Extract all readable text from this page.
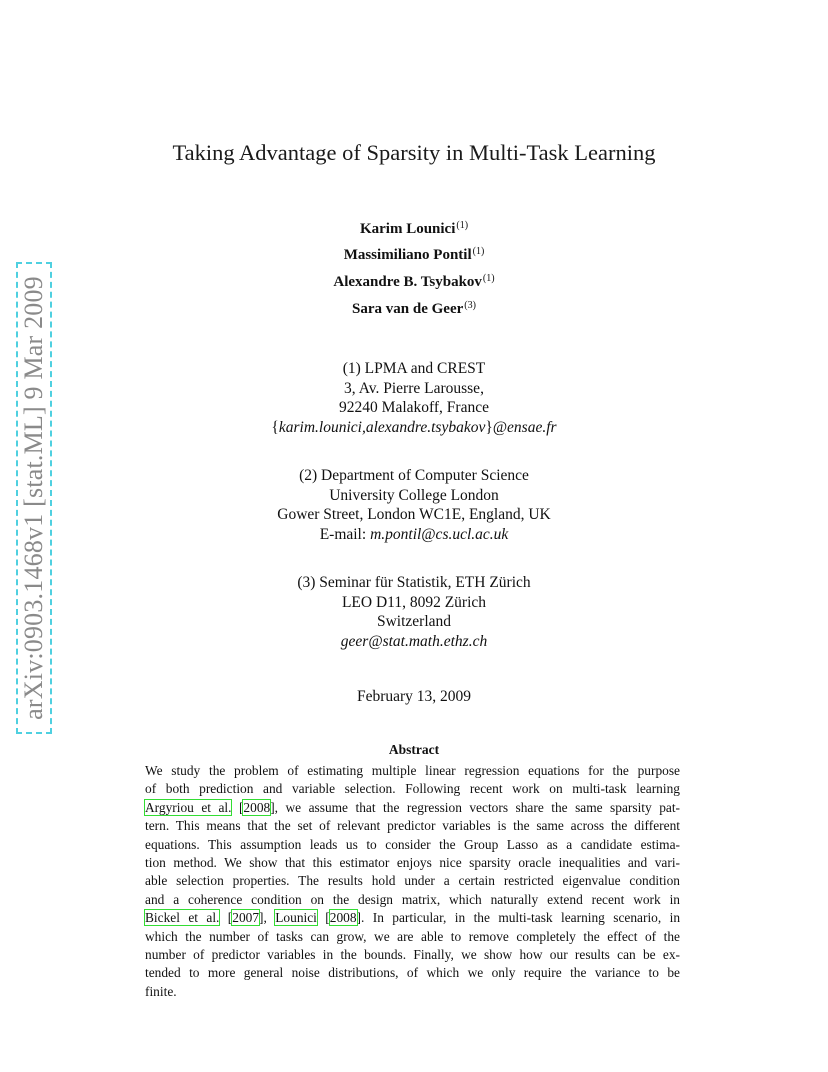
arXiv:0903.1468v1 [stat.ML] 9 Mar 2009
Taking Advantage of Sparsity in Multi-Task Learning
Karim Lounici$^{(1)}$
Massimiliano Pontil$^{(1)}$
Alexandre B. Tsybakov$^{(1)}$
Sara van de Geer$^{(3)}$
(1) LPMA and CREST
3, Av. Pierre Larousse,
92240 Malakoff, France
{karim.lounici,alexandre.tsybakov}@ensae.fr
(2) Department of Computer Science
University College London
Gower Street, London WC1E, England, UK
E-mail: m.pontil@cs.ucl.ac.uk
(3) Seminar für Statistik, ETH Zürich
LEO D11, 8092 Zürich
Switzerland
geer@stat.math.ethz.ch
February 13, 2009
Abstract
We study the problem of estimating multiple linear regression equations for the purpose
of both prediction and variable selection. Following recent work on multi-task learning
Argyriou et al. [2008], we assume that the regression vectors share the same sparsity pat-
tern. This means that the set of relevant predictor variables is the same across the different
equations. This assumption leads us to consider the Group Lasso as a candidate estima-
tion method. We show that this estimator enjoys nice sparsity oracle inequalities and vari-
able selection properties. The results hold under a certain restricted eigenvalue condition
and a coherence condition on the design matrix, which naturally extend recent work in
Bickel et al. [2007], Lounici [2008]. In particular, in the multi-task learning scenario, in
which the number of tasks can grow, we are able to remove completely the effect of the
number of predictor variables in the bounds. Finally, we show how our results can be ex-
tended to more general noise distributions, of which we only require the variance to be
finite.
